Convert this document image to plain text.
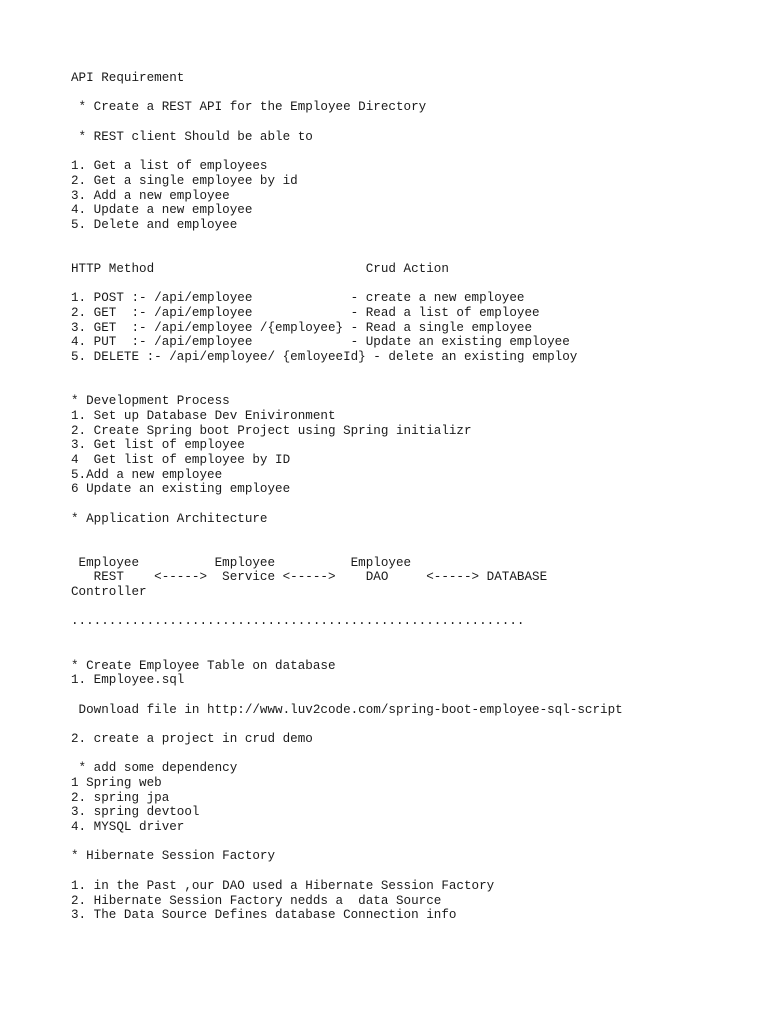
API Requirement

* Create a REST API for the Employee Directory

* REST client Should be able to

1. Get a list of employees

2. Get a single employee by id

3. Add a new employee

4. Update a new employee

5. Delete and employee

HTTP Method                            Crud Action

1. POST :- /api/employee             - create a new employee

2. GET  :- /api/employee             - Read a list of employee

3. GET  :- /api/employee /{employee} - Read a single employee

4. PUT  :- /api/employee             - Update an existing employee

5. DELETE :- /api/employee/ {emloyeeId} - delete an existing employ

* Development Process

1. Set up Database Dev Enivironment

2. Create Spring boot Project using Spring initializr

3. Get list of employee

4  Get list of employee by ID

5.Add a new employee

6 Update an existing employee

* Application Architecture

Employee          Employee          Employee

REST    <----->  Service <----->    DAO     <-----> DATABASE

Controller

............................................................

* Create Employee Table on database

1. Employee.sql

Download file in http://www.luv2code.com/spring-boot-employee-sql-script

2. create a project in crud demo

* add some dependency

1 Spring web

2. spring jpa

3. spring devtool

4. MYSQL driver

* Hibernate Session Factory

1. in the Past ,our DAO used a Hibernate Session Factory

2. Hibernate Session Factory nedds a  data Source

3. The Data Source Defines database Connection info
